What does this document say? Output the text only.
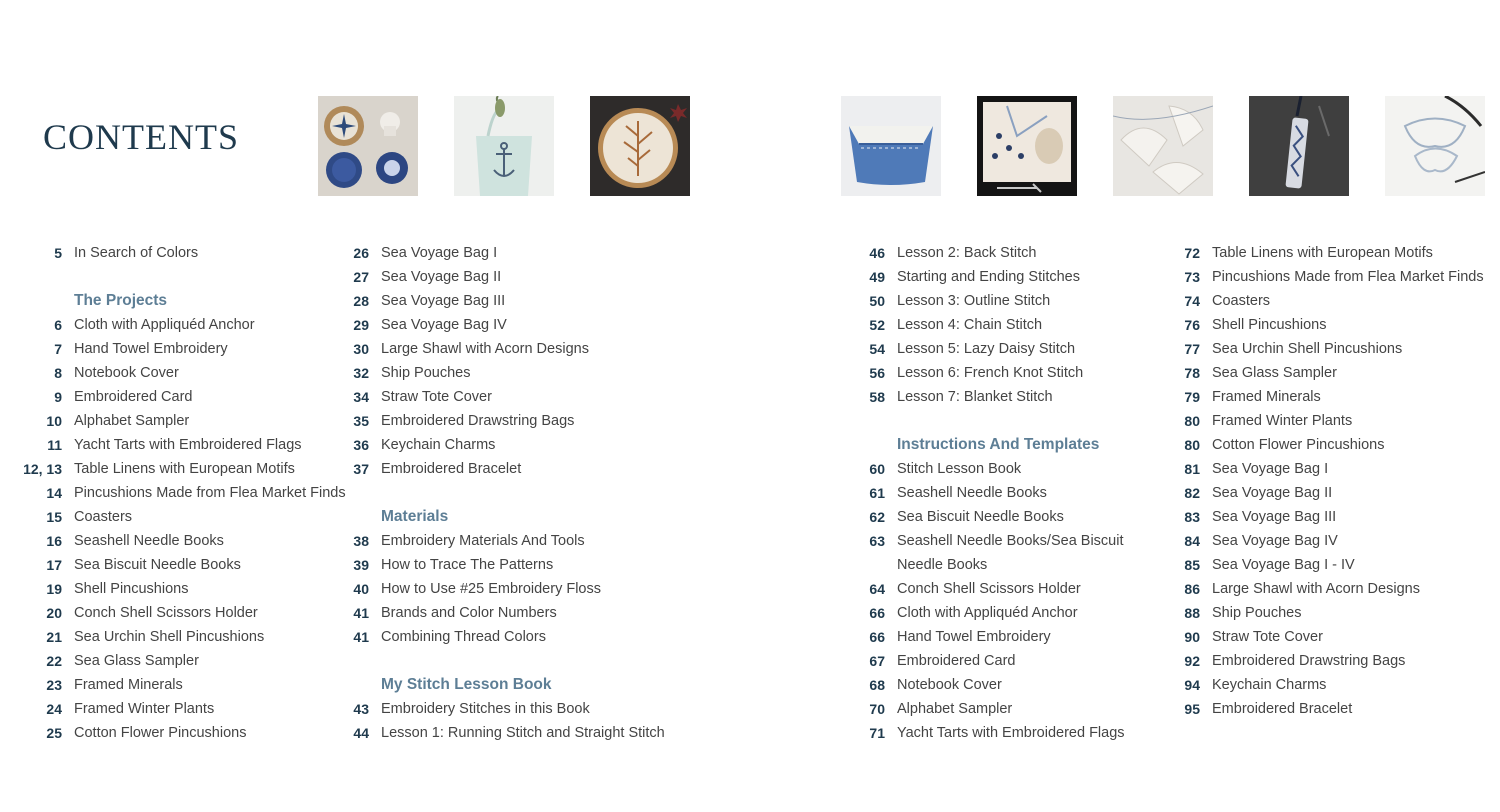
CONTENTS
5 In Search of Colors
The Projects
6 Cloth with Appliquéd Anchor
7 Hand Towel Embroidery
8 Notebook Cover
9 Embroidered Card
10 Alphabet Sampler
11 Yacht Tarts with Embroidered Flags
12, 13 Table Linens with European Motifs
14 Pincushions Made from Flea Market Finds
15 Coasters
16 Seashell Needle Books
17 Sea Biscuit Needle Books
19 Shell Pincushions
20 Conch Shell Scissors Holder
21 Sea Urchin Shell Pincushions
22 Sea Glass Sampler
23 Framed Minerals
24 Framed Winter Plants
25 Cotton Flower Pincushions
26 Sea Voyage Bag I
27 Sea Voyage Bag II
28 Sea Voyage Bag III
29 Sea Voyage Bag IV
30 Large Shawl with Acorn Designs
32 Ship Pouches
34 Straw Tote Cover
35 Embroidered Drawstring Bags
36 Keychain Charms
37 Embroidered Bracelet
Materials
38 Embroidery Materials And Tools
39 How to Trace The Patterns
40 How to Use #25 Embroidery Floss
41 Brands and Color Numbers
41 Combining Thread Colors
My Stitch Lesson Book
43 Embroidery Stitches in this Book
44 Lesson 1: Running Stitch and Straight Stitch
46 Lesson 2: Back Stitch
49 Starting and Ending Stitches
50 Lesson 3: Outline Stitch
52 Lesson 4: Chain Stitch
54 Lesson 5: Lazy Daisy Stitch
56 Lesson 6: French Knot Stitch
58 Lesson 7: Blanket Stitch
Instructions And Templates
60 Stitch Lesson Book
61 Seashell Needle Books
62 Sea Biscuit Needle Books
63 Seashell Needle Books/Sea Biscuit
Needle Books
64 Conch Shell Scissors Holder
66 Cloth with Appliquéd Anchor
66 Hand Towel Embroidery
67 Embroidered Card
68 Notebook Cover
70 Alphabet Sampler
71 Yacht Tarts with Embroidered Flags
72 Table Linens with European Motifs
73 Pincushions Made from Flea Market Finds
74 Coasters
76 Shell Pincushions
77 Sea Urchin Shell Pincushions
78 Sea Glass Sampler
79 Framed Minerals
80 Framed Winter Plants
80 Cotton Flower Pincushions
81 Sea Voyage Bag I
82 Sea Voyage Bag II
83 Sea Voyage Bag III
84 Sea Voyage Bag IV
85 Sea Voyage Bag I - IV
86 Large Shawl with Acorn Designs
88 Ship Pouches
90 Straw Tote Cover
92 Embroidered Drawstring Bags
94 Keychain Charms
95 Embroidered Bracelet
